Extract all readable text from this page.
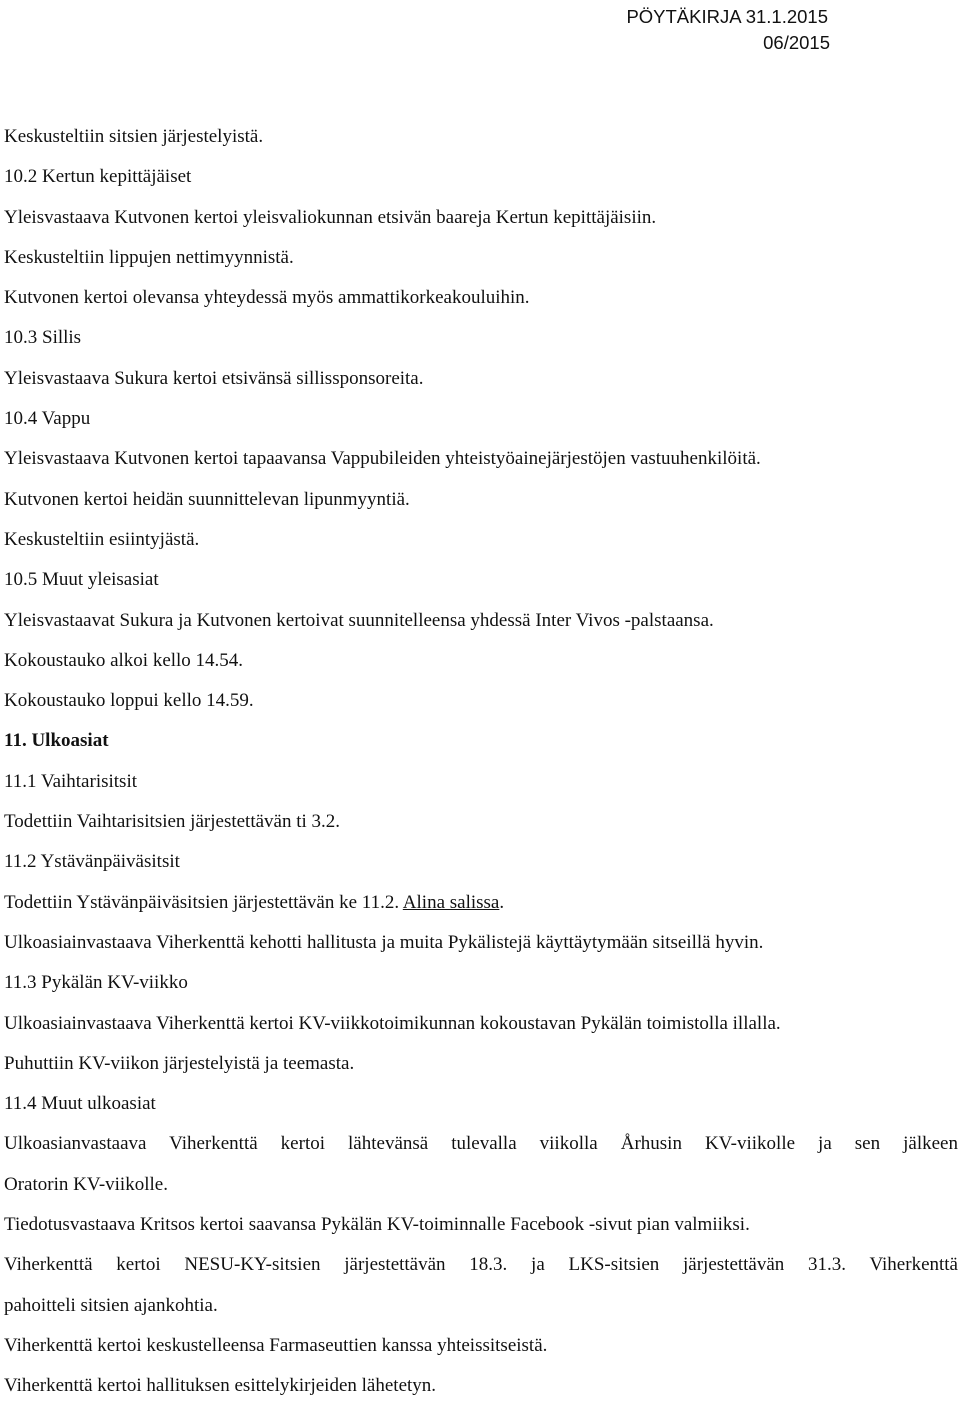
PÖYTÄKIRJA 31.1.2015
06/2015
Keskusteltiin sitsien järjestelyistä.
10.2 Kertun kepittäjäiset
Yleisvastaava Kutvonen kertoi yleisvaliokunnan etsivän baareja Kertun kepittäjäisiin.
Keskusteltiin lippujen nettimyynnistä.
Kutvonen kertoi olevansa yhteydessä myös ammattikorkeakouluihin.
10.3 Sillis
Yleisvastaava Sukura kertoi etsivänsä sillissponsoreita.
10.4 Vappu
Yleisvastaava Kutvonen kertoi tapaavansa Vappubileiden yhteistyöainejärjestöjen vastuuhenkilöitä.
Kutvonen kertoi heidän suunnittelevan lipunmyyntiä.
Keskusteltiin esiintyjästä.
10.5 Muut yleisasiat
Yleisvastaavat Sukura ja Kutvonen kertoivat suunnitelleensa yhdessä Inter Vivos -palstaansa.
Kokoustauko alkoi kello 14.54.
Kokoustauko loppui kello 14.59.
11. Ulkoasiat
11.1 Vaihtarisitsit
Todettiin Vaihtarisitsien järjestettävän ti 3.2.
11.2 Ystävänpäiväsitsit
Todettiin Ystävänpäiväsitsien järjestettävän ke 11.2. Alina salissa.
Ulkoasiainvastaava Viherkenttä kehotti hallitusta ja muita Pykälistejä käyttäytymään sitseillä hyvin.
11.3 Pykälän KV-viikko
Ulkoasiainvastaava Viherkenttä kertoi KV-viikkotoimikunnan kokoustavan Pykälän toimistolla illalla.
Puhuttiin KV-viikon järjestelyistä ja teemasta.
11.4 Muut ulkoasiat
Ulkoasianvastaava Viherkenttä kertoi lähtevänsä tulevalla viikolla Århusin KV-viikolle ja sen jälkeen
Oratorin KV-viikolle.
Tiedotusvastaava Kritsos kertoi saavansa Pykälän KV-toiminnalle Facebook -sivut pian valmiiksi.
Viherkenttä kertoi NESU-KY-sitsien järjestettävän 18.3. ja LKS-sitsien järjestettävän 31.3. Viherkenttä
pahoitteli sitsien ajankohtia.
Viherkenttä kertoi keskustelleensa Farmaseuttien kanssa yhteissitseistä.
Viherkenttä kertoi hallituksen esittelykirjeiden lähetetyn.
